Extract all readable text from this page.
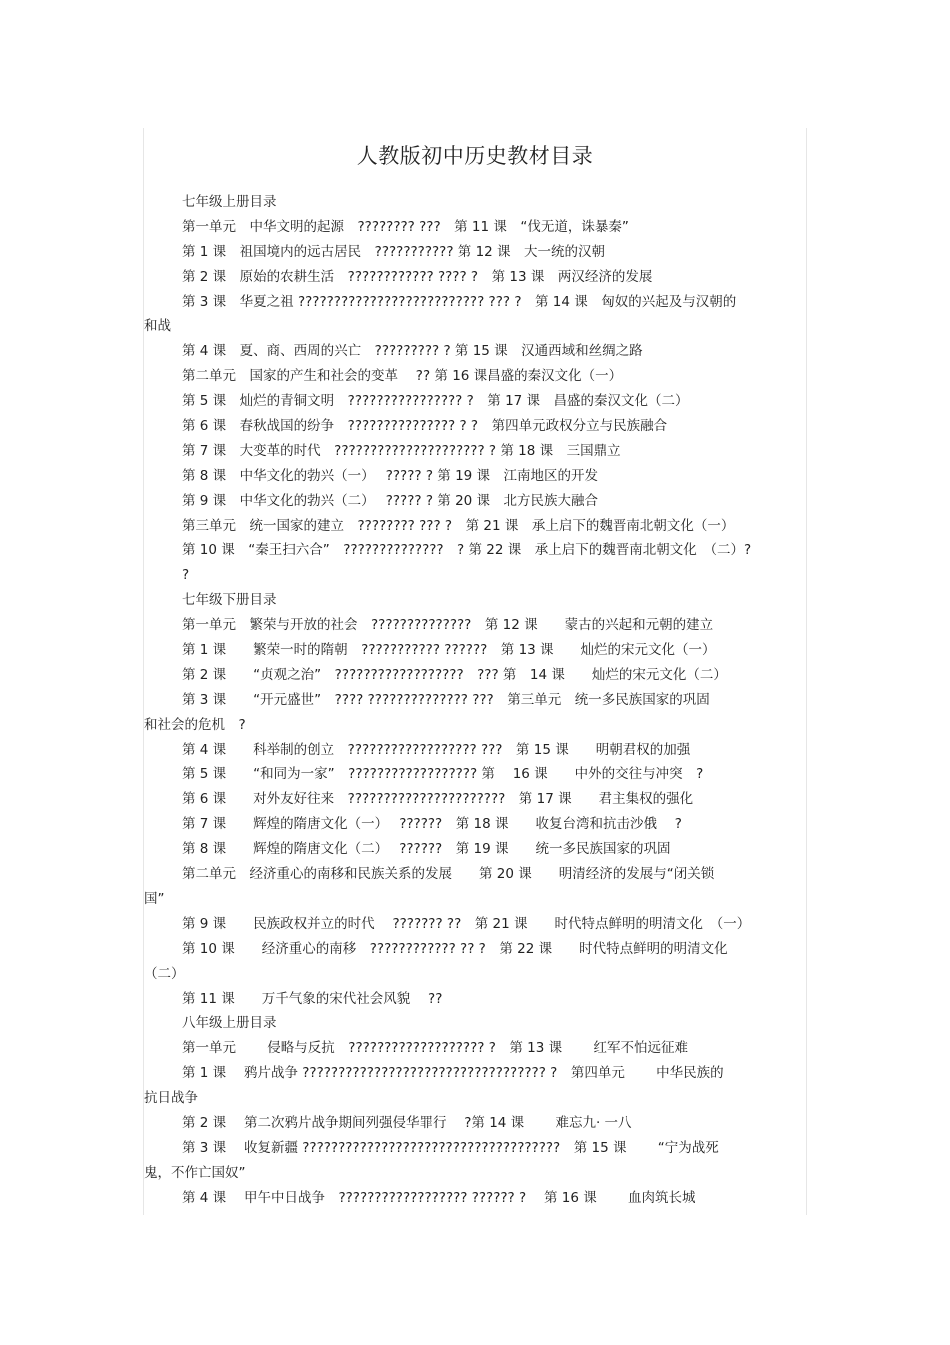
人教版初中历史教材目录
七年级上册目录
第一单元　中华文明的起源　???????? ???　第 11 课　“伐无道，诛暴秦”
第 1 课　祖国境内的远古居民　??????????? 第 12 课　大一统的汉朝
第 2 课　原始的农耕生活　???????????? ???? ?　第 13 课　两汉经济的发展
第 3 课　华夏之祖 ?????????????????????????? ??? ?　第 14 课　匈奴的兴起及与汉朝的
和战
第 4 课　夏、商、西周的兴亡　????????? ? 第 15 课　汉通西域和丝绸之路
第二单元　国家的产生和社会的变革　 ?? 第 16 课昌盛的秦汉文化（一）
第 5 课　灿烂的青铜文明　???????????????? ?　第 17 课　昌盛的秦汉文化（二）
第 6 课　春秋战国的纷争　??????????????? ? ?　第四单元政权分立与民族融合
第 7 课　大变革的时代　????????????????????? ? 第 18 课　三国鼎立
第 8 课　中华文化的勃兴（一）　 ????? ? 第 19 课　江南地区的开发
第 9 课　中华文化的勃兴（二）　 ????? ? 第 20 课　北方民族大融合
第三单元　统一国家的建立　???????? ??? ?　第 21 课　承上启下的魏晋南北朝文化（一）
第 10 课　“秦王扫六合”　??????????????　? 第 22 课　承上启下的魏晋南北朝文化　（二）?
?
七年级下册目录
第一单元　繁荣与开放的社会　??????????????　第 12 课　　蒙古的兴起和元朝的建立
第 1 课　　繁荣一时的隋朝　??????????? ??????　第 13 课　　灿烂的宋元文化（一）
第 2 课　　“贞观之治”　??????????????????　??? 第　14 课　　灿烂的宋元文化（二）
第 3 课　　“开元盛世”　???? ?????????????? ???　第三单元　统一多民族国家的巩固
和社会的危机　?
第 4 课　　科举制的创立　?????????????????? ???　第 15 课　　明朝君权的加强
第 5 课　　“和同为一家”　?????????????????? 第　 16 课　　中外的交往与冲突　?
第 6 课　　对外友好往来　??????????????????????　第 17 课　　君主集权的强化
第 7 课　　辉煌的隋唐文化（一）　 ??????　第 18 课　　收复台湾和抗击沙俄　 ?
第 8 课　　辉煌的隋唐文化（二）　 ??????　第 19 课　　统一多民族国家的巩固
第二单元　经济重心的南移和民族关系的发展　　第 20 课　　明清经济的发展与“闭关锁
国”
第 9 课　　民族政权并立的时代　 ??????? ??　第 21 课　　时代特点鲜明的明清文化　（一）
第 10 课　　经济重心的南移　???????????? ?? ?　第 22 课　　时代特点鲜明的明清文化
（二）
第 11 课　　万千气象的宋代社会风貌　 ??
八年级上册目录
第一单元　　 侵略与反抗　??????????????????? ?　第 13 课　　 红军不怕远征难
第 1 课　 鸦片战争 ?????????????????????????????????? ?　第四单元　　 中华民族的
抗日战争
第 2 课　 第二次鸦片战争期间列强侵华罪行　 ?第 14 课　　 难忘九· 一八
第 3 课　 收复新疆 ????????????????????????????????????　第 15 课　　 “宁为战死
鬼，不作亡国奴”
第 4 课　 甲午中日战争　?????????????????? ?????? ?　 第 16 课　　 血肉筑长城
